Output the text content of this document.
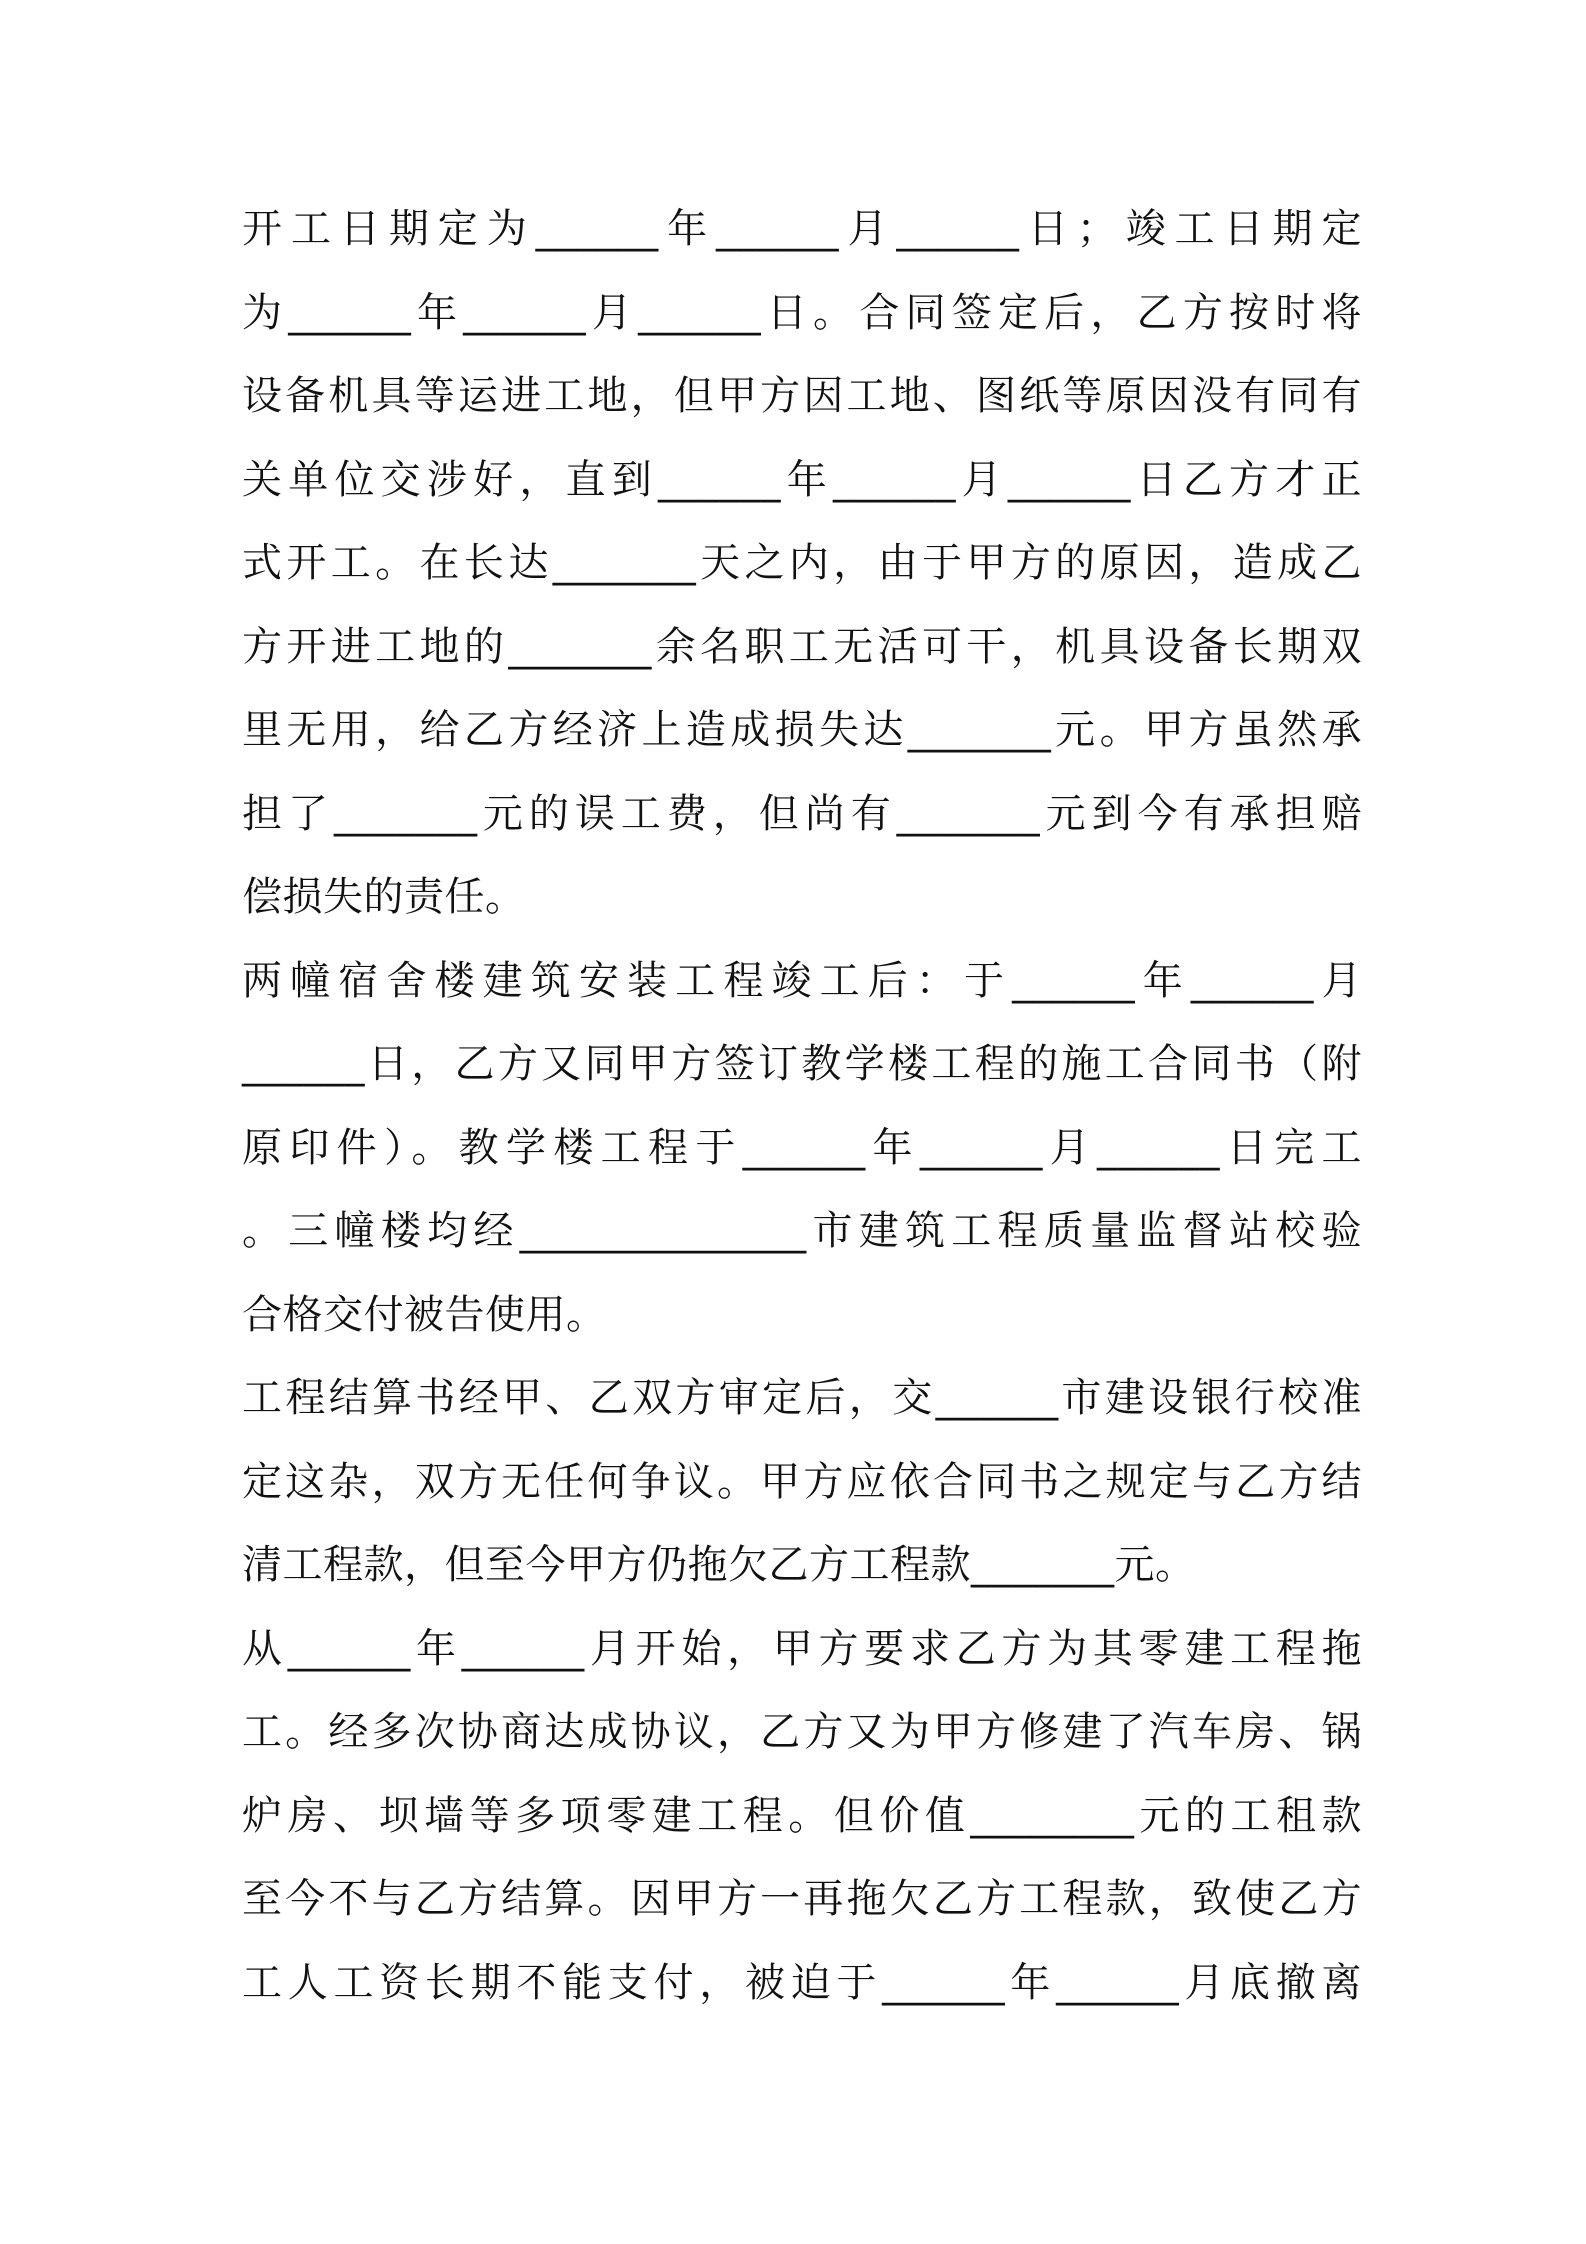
开工日期定为______年______月______日；竣工日期定
为______年______月______日。合同签定后，乙方按时将
设备机具等运进工地，但甲方因工地、图纸等原因没有同有
关单位交涉好，直到______年______月______日乙方才正
式开工。在长达_______天之内，由于甲方的原因，造成乙
方开进工地的_______余名职工无活可干，机具设备长期双
里无用，给乙方经济上造成损失达_______元。甲方虽然承
担了_______元的误工费，但尚有_______元到今有承担赔
偿损失的责任。
两幢宿舍楼建筑安装工程竣工后：于______年______月
______日，乙方又同甲方签订教学楼工程的施工合同书（附
原印件）。教学楼工程于______年______月______日完工
。三幢楼均经______________市建筑工程质量监督站校验
合格交付被告使用。
工程结算书经甲、乙双方审定后，交______市建设银行校准
定这杂，双方无任何争议。甲方应依合同书之规定与乙方结
清工程款，但至今甲方仍拖欠乙方工程款_______元。
从______年______月开始，甲方要求乙方为其零建工程拖
工。经多次协商达成协议，乙方又为甲方修建了汽车房、锅
炉房、坝墙等多项零建工程。但价值________元的工租款
至今不与乙方结算。因甲方一再拖欠乙方工程款，致使乙方
工人工资长期不能支付，被迫于______年______月底撤离
